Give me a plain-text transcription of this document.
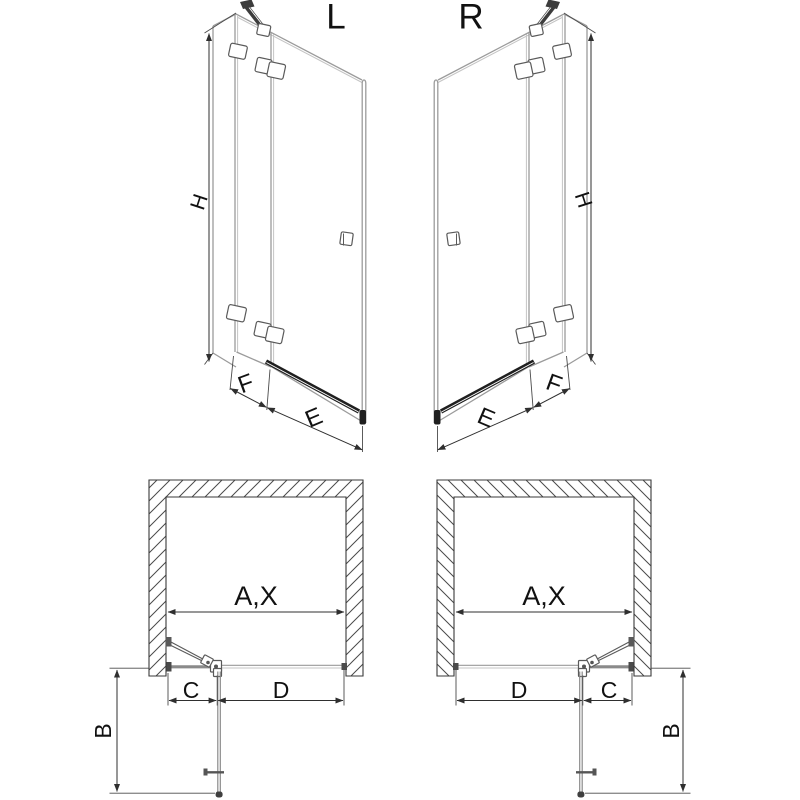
L	R
H	H
F
E	E
F
A,X	A,X
C	D	D	C
B	B
